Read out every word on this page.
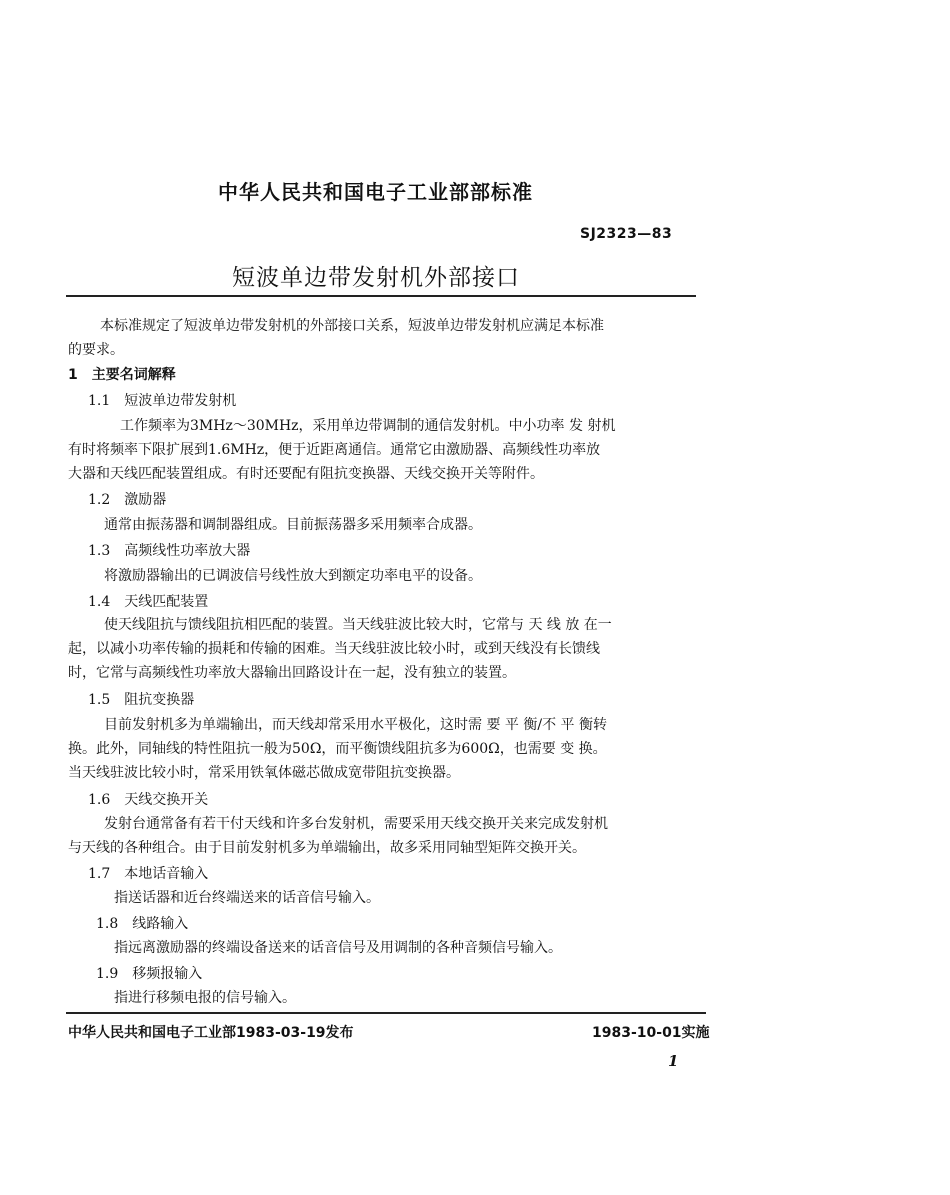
中华人民共和国电子工业部部标准
SJ2323—83
短波单边带发射机外部接口
本标准规定了短波单边带发射机的外部接口关系，短波单边带发射机应满足本标准
的要求。
1　主要名词解释
1.1　 短波单边带发射机
工作频率为3MHz～30MHz，采用单边带调制的通信发射机。中小功率 发 射机
有时将频率下限扩展到1.6MHz，便于近距离通信。通常它由激励器、高频线性功率放
大器和天线匹配装置组成。有时还要配有阻抗变换器、天线交换开关等附件。
1.2　 激励器
通常由振荡器和调制器组成。目前振荡器多采用频率合成器。
1.3　 高频线性功率放大器
将激励器输出的已调波信号线性放大到额定功率电平的设备。
1.4　 天线匹配装置
使天线阻抗与馈线阻抗相匹配的装置。当天线驻波比较大时，它常与 天 线 放 在一
起，以减小功率传输的损耗和传输的困难。当天线驻波比较小时，或到天线没有长馈线
时，它常与高频线性功率放大器输出回路设计在一起，没有独立的装置。
1.5　 阻抗变换器
目前发射机多为单端输出，而天线却常采用水平极化，这时需 要 平 衡/不 平 衡转
换。此外，同轴线的特性阻抗一般为50Ω，而平衡馈线阻抗多为600Ω，也需要 变 换。
当天线驻波比较小时，常采用铁氧体磁芯做成宽带阻抗变换器。
1.6　 天线交换开关
发射台通常备有若干付天线和许多台发射机，需要采用天线交换开关来完成发射机
与天线的各种组合。由于目前发射机多为单端输出，故多采用同轴型矩阵交换开关。
1.7　 本地话音输入
指送话器和近台终端送来的话音信号输入。
1.8　 线路输入
指远离激励器的终端设备送来的话音信号及用调制的各种音频信号输入。
1.9　 移频报输入
指进行移频电报的信号输入。
中华人民共和国电子工业部1983-03-19发布	1983-10-01实施
1
